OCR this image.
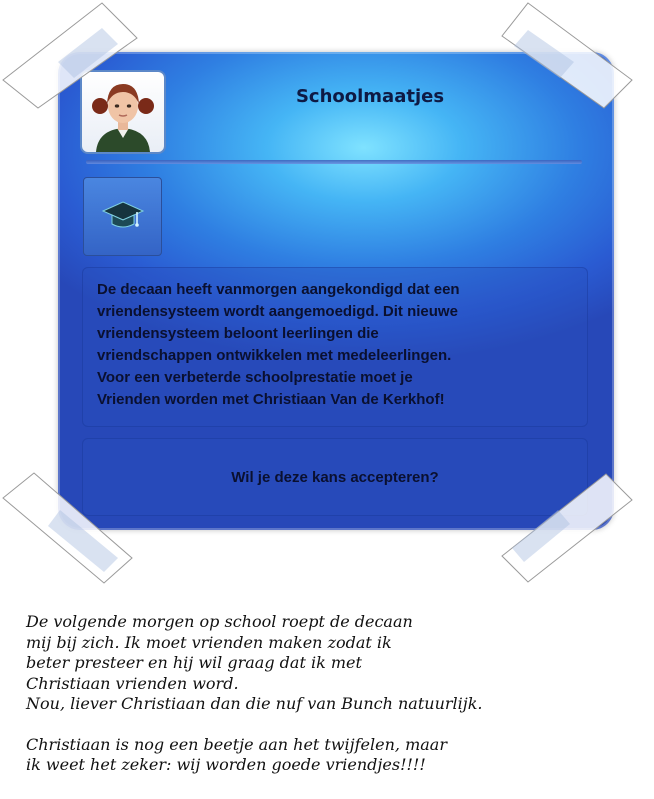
Schoolmaatjes
De decaan heeft vanmorgen aangekondigd dat een
vriendensysteem wordt aangemoedigd. Dit nieuwe
vriendensysteem beloont leerlingen die
vriendschappen ontwikkelen met medeleerlingen.
Voor een verbeterde schoolprestatie moet je
Vrienden worden met Christiaan Van de Kerkhof!
Wil je deze kans accepteren?

De volgende morgen op school roept de decaan

mij bij zich. Ik moet vrienden maken zodat ik

beter presteer en hij wil graag dat ik met

Christiaan vrienden word.

Nou, liever Christiaan dan die nuf van Bunch natuurlijk.

Christiaan is nog een beetje aan het twijfelen, maar

ik weet het zeker: wij worden goede vriendjes!!!!
